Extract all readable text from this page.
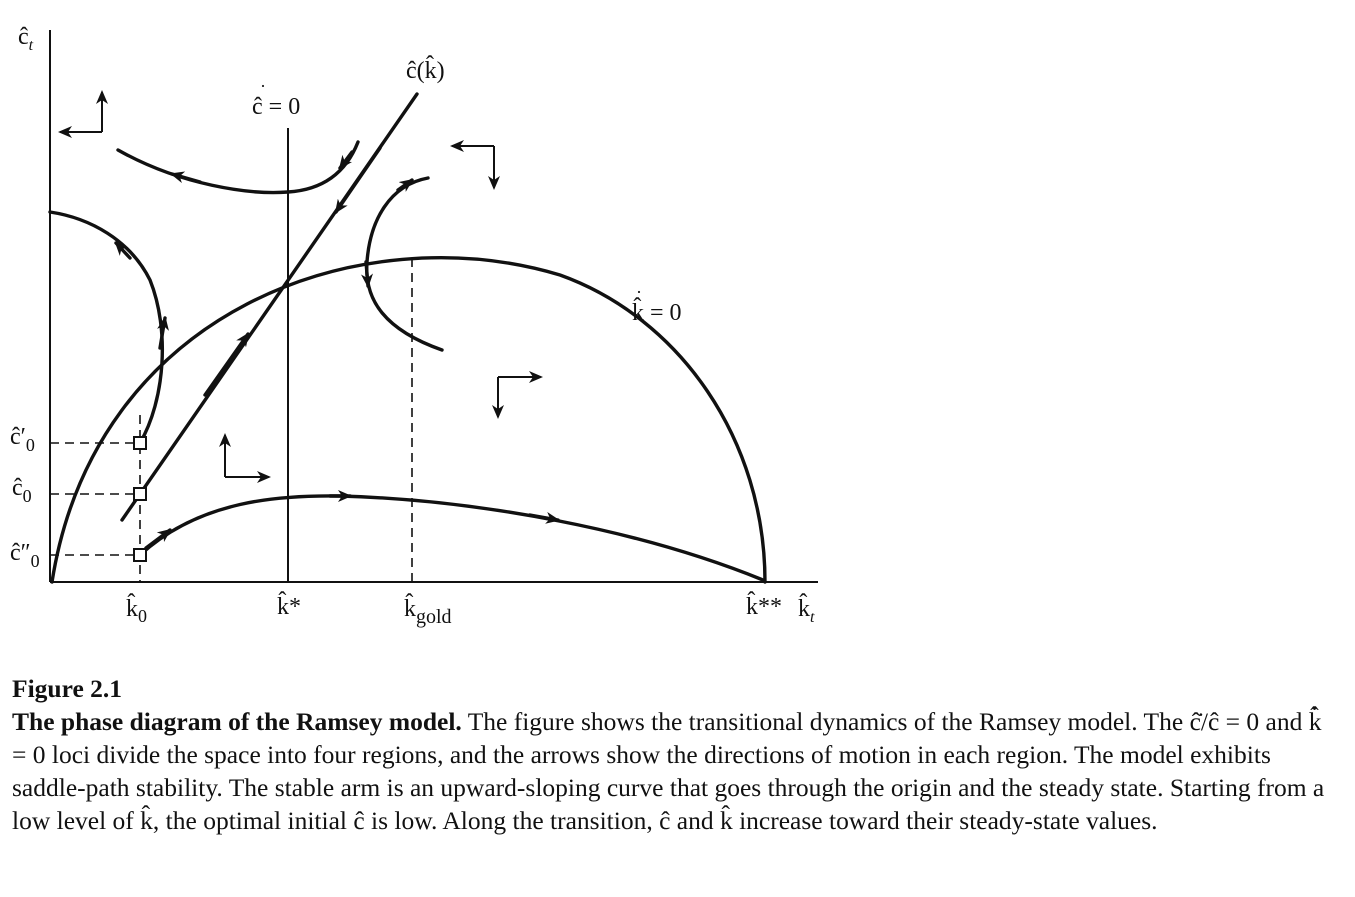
$ĉ_t$
$k̂_t$
ĉ = 0
·
ĉ(k̂)
k̂ = 0
·
$ĉ'_0$
$ĉ_0$
$ĉ''_0$
$k̂_0$	k̂*	$k̂_{gold}$	k̂**
Figure 2.1
The phase diagram of the Ramsey model. The figure shows the transitional dynamics of the Ramsey model. The ĉ̇/ĉ = 0 and k̂̇ = 0 loci divide the space into four regions, and the arrows show the directions of motion in each region. The model exhibits saddle-path stability. The stable arm is an upward-sloping curve that goes through the origin and the steady state. Starting from a low level of k̂, the optimal initial ĉ is low. Along the transition, ĉ and k̂ increase toward their steady-state values.
